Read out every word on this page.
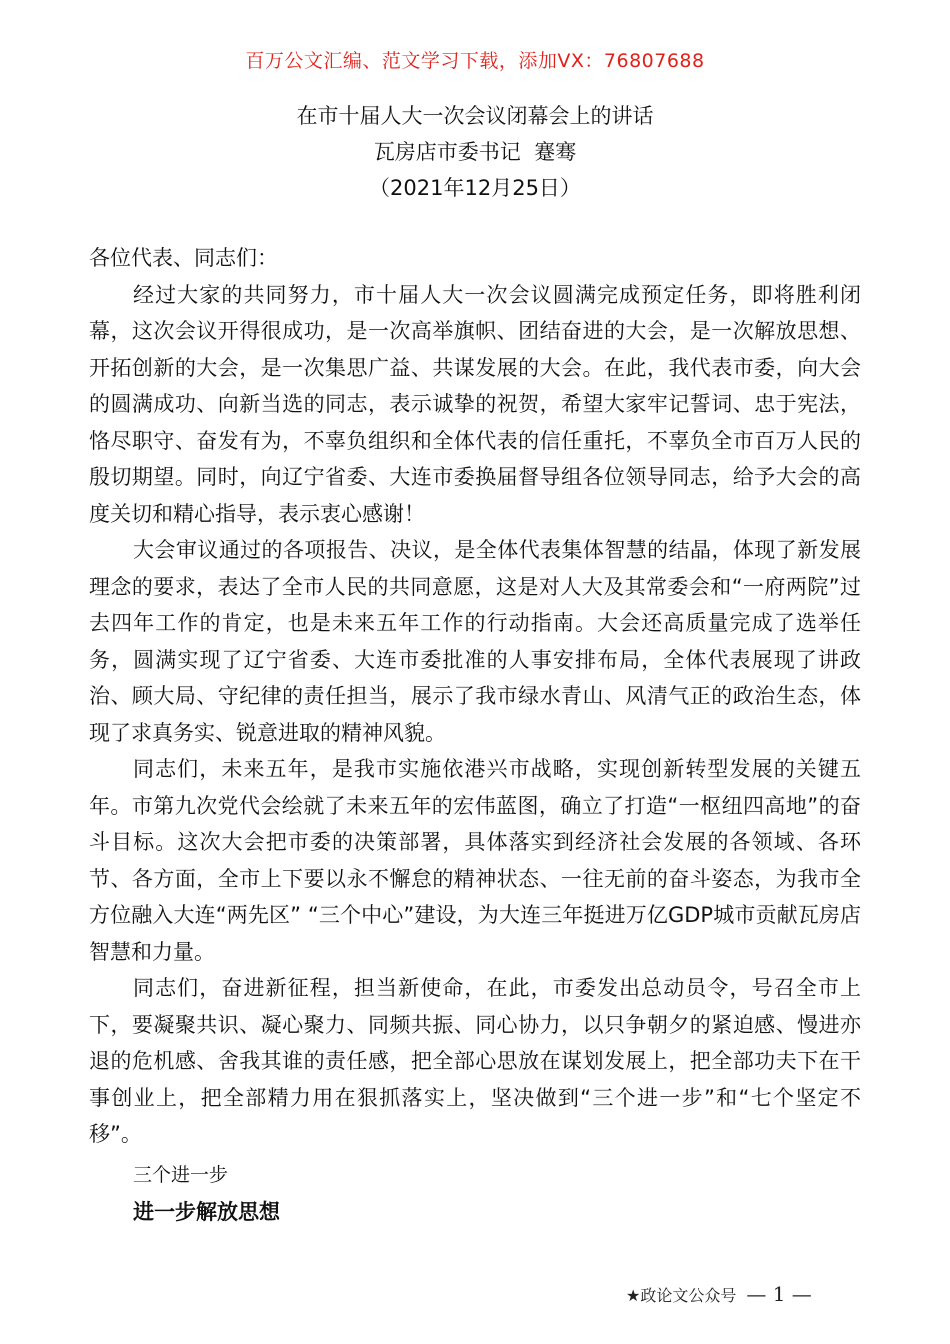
百万公文汇编、范文学习下载，添加VX：76807688
在市十届人大一次会议闭幕会上的讲话
瓦房店市委书记  蹇骞
（2021年12月25日）

各位代表、同志们：

经过大家的共同努力，市十届人大一次会议圆满完成预定任务，即将胜利闭幕，这次会议开得很成功，是一次高举旗帜、团结奋进的大会，是一次解放思想、开拓创新的大会，是一次集思广益、共谋发展的大会。在此，我代表市委，向大会的圆满成功、向新当选的同志，表示诚挚的祝贺，希望大家牢记誓词、忠于宪法，恪尽职守、奋发有为，不辜负组织和全体代表的信任重托，不辜负全市百万人民的殷切期望。同时，向辽宁省委、大连市委换届督导组各位领导同志，给予大会的高度关切和精心指导，表示衷心感谢！

大会审议通过的各项报告、决议，是全体代表集体智慧的结晶，体现了新发展理念的要求，表达了全市人民的共同意愿，这是对人大及其常委会和“一府两院”过去四年工作的肯定，也是未来五年工作的行动指南。大会还高质量完成了选举任务，圆满实现了辽宁省委、大连市委批准的人事安排布局，全体代表展现了讲政治、顾大局、守纪律的责任担当，展示了我市绿水青山、风清气正的政治生态，体现了求真务实、锐意进取的精神风貌。

同志们，未来五年，是我市实施依港兴市战略，实现创新转型发展的关键五年。市第九次党代会绘就了未来五年的宏伟蓝图，确立了打造“一枢纽四高地”的奋斗目标。这次大会把市委的决策部署，具体落实到经济社会发展的各领域、各环节、各方面，全市上下要以永不懈怠的精神状态、一往无前的奋斗姿态，为我市全方位融入大连“两先区” “三个中心”建设，为大连三年挺进万亿GDP城市贡献瓦房店智慧和力量。

同志们，奋进新征程，担当新使命，在此，市委发出总动员令，号召全市上下，要凝聚共识、凝心聚力、同频共振、同心协力，以只争朝夕的紧迫感、慢进亦退的危机感、舍我其谁的责任感，把全部心思放在谋划发展上，把全部功夫下在干事创业上，把全部精力用在狠抓落实上，坚决做到“三个进一步”和“七个坚定不移”。

三个进一步

进一步解放思想

★政论文公众号 — 1 —
